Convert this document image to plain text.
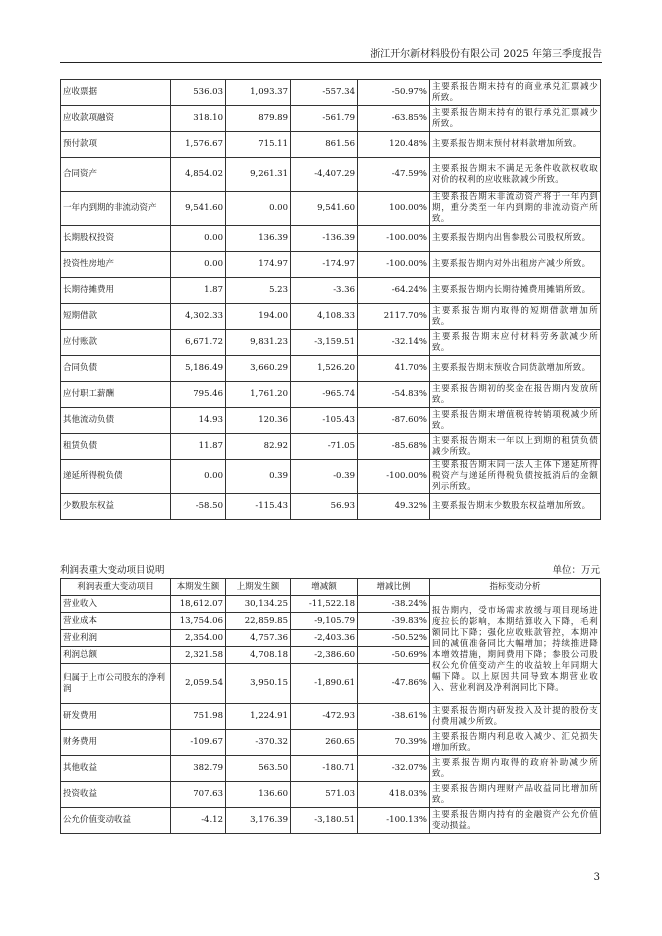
浙江开尔新材料股份有限公司 2025 年第三季度报告
应收票据	536.03	1,093.37	-557.34	-50.97%	主要系报告期末持有的商业承兑汇票减少所致。
应收款项融资	318.10	879.89	-561.79	-63.85%	主要系报告期末持有的银行承兑汇票减少所致。
预付款项	1,576.67	715.11	861.56	120.48%	主要系报告期末预付材料款增加所致。
合同资产	4,854.02	9,261.31	-4,407.29	-47.59%	主要系报告期末不满足无条件收款权收取对价的权利的应收账款减少所致。
一年内到期的非流动资产	9,541.60	0.00	9,541.60	100.00%	主要系报告期末非流动资产将于一年内到期，重分类至一年内到期的非流动资产所致。
长期股权投资	0.00	136.39	-136.39	-100.00%	主要系报告期内出售参股公司股权所致。
投资性房地产	0.00	174.97	-174.97	-100.00%	主要系报告期内对外出租房产减少所致。
长期待摊费用	1.87	5.23	-3.36	-64.24%	主要系报告期内长期待摊费用摊销所致。
短期借款	4,302.33	194.00	4,108.33	2117.70%	主要系报告期内取得的短期借款增加所致。
应付账款	6,671.72	9,831.23	-3,159.51	-32.14%	主要系报告期末应付材料劳务款减少所致。
合同负债	5,186.49	3,660.29	1,526.20	41.70%	主要系报告期末预收合同货款增加所致。
应付职工薪酬	795.46	1,761.20	-965.74	-54.83%	主要系报告期初的奖金在报告期内发放所致。
其他流动负债	14.93	120.36	-105.43	-87.60%	主要系报告期末增值税待转销项税减少所致。
租赁负债	11.87	82.92	-71.05	-85.68%	主要系报告期末一年以上到期的租赁负债减少所致。
递延所得税负债	0.00	0.39	-0.39	-100.00%	主要系报告期末同一法人主体下递延所得税资产与递延所得税负债按抵消后的金额列示所致。
少数股东权益	-58.50	-115.43	56.93	49.32%	主要系报告期末少数股东权益增加所致。
利润表重大变动项目说明	单位：万元
利润表重大变动项目	本期发生额	上期发生额	增减额	增减比例	指标变动分析
营业收入	18,612.07	30,134.25	-11,522.18	-38.24%	报告期内，受市场需求放缓与项目现场进度拉长的影响，本期结算收入下降，毛利额同比下降；强化应收账款管控，本期冲回的减值准备同比大幅增加；持续推进降本增效措施，期间费用下降；参股公司股权公允价值变动产生的收益较上年同期大幅下降。以上原因共同导致本期营业收入、营业利润及净利润同比下降。
营业成本	13,754.06	22,859.85	-9,105.79	-39.83%	
营业利润	2,354.00	4,757.36	-2,403.36	-50.52%	
利润总额	2,321.58	4,708.18	-2,386.60	-50.69%	
归属于上市公司股东的净利润	2,059.54	3,950.15	-1,890.61	-47.86%	
研发费用	751.98	1,224.91	-472.93	-38.61%	主要系报告期内研发投入及计提的股份支付费用减少所致。
财务费用	-109.67	-370.32	260.65	70.39%	主要系报告期内利息收入减少、汇兑损失增加所致。
其他收益	382.79	563.50	-180.71	-32.07%	主要系报告期内取得的政府补助减少所致。
投资收益	707.63	136.60	571.03	418.03%	主要系报告期内理财产品收益同比增加所致。
公允价值变动收益	-4.12	3,176.39	-3,180.51	-100.13%	主要系报告期内持有的金融资产公允价值变动损益。
3
